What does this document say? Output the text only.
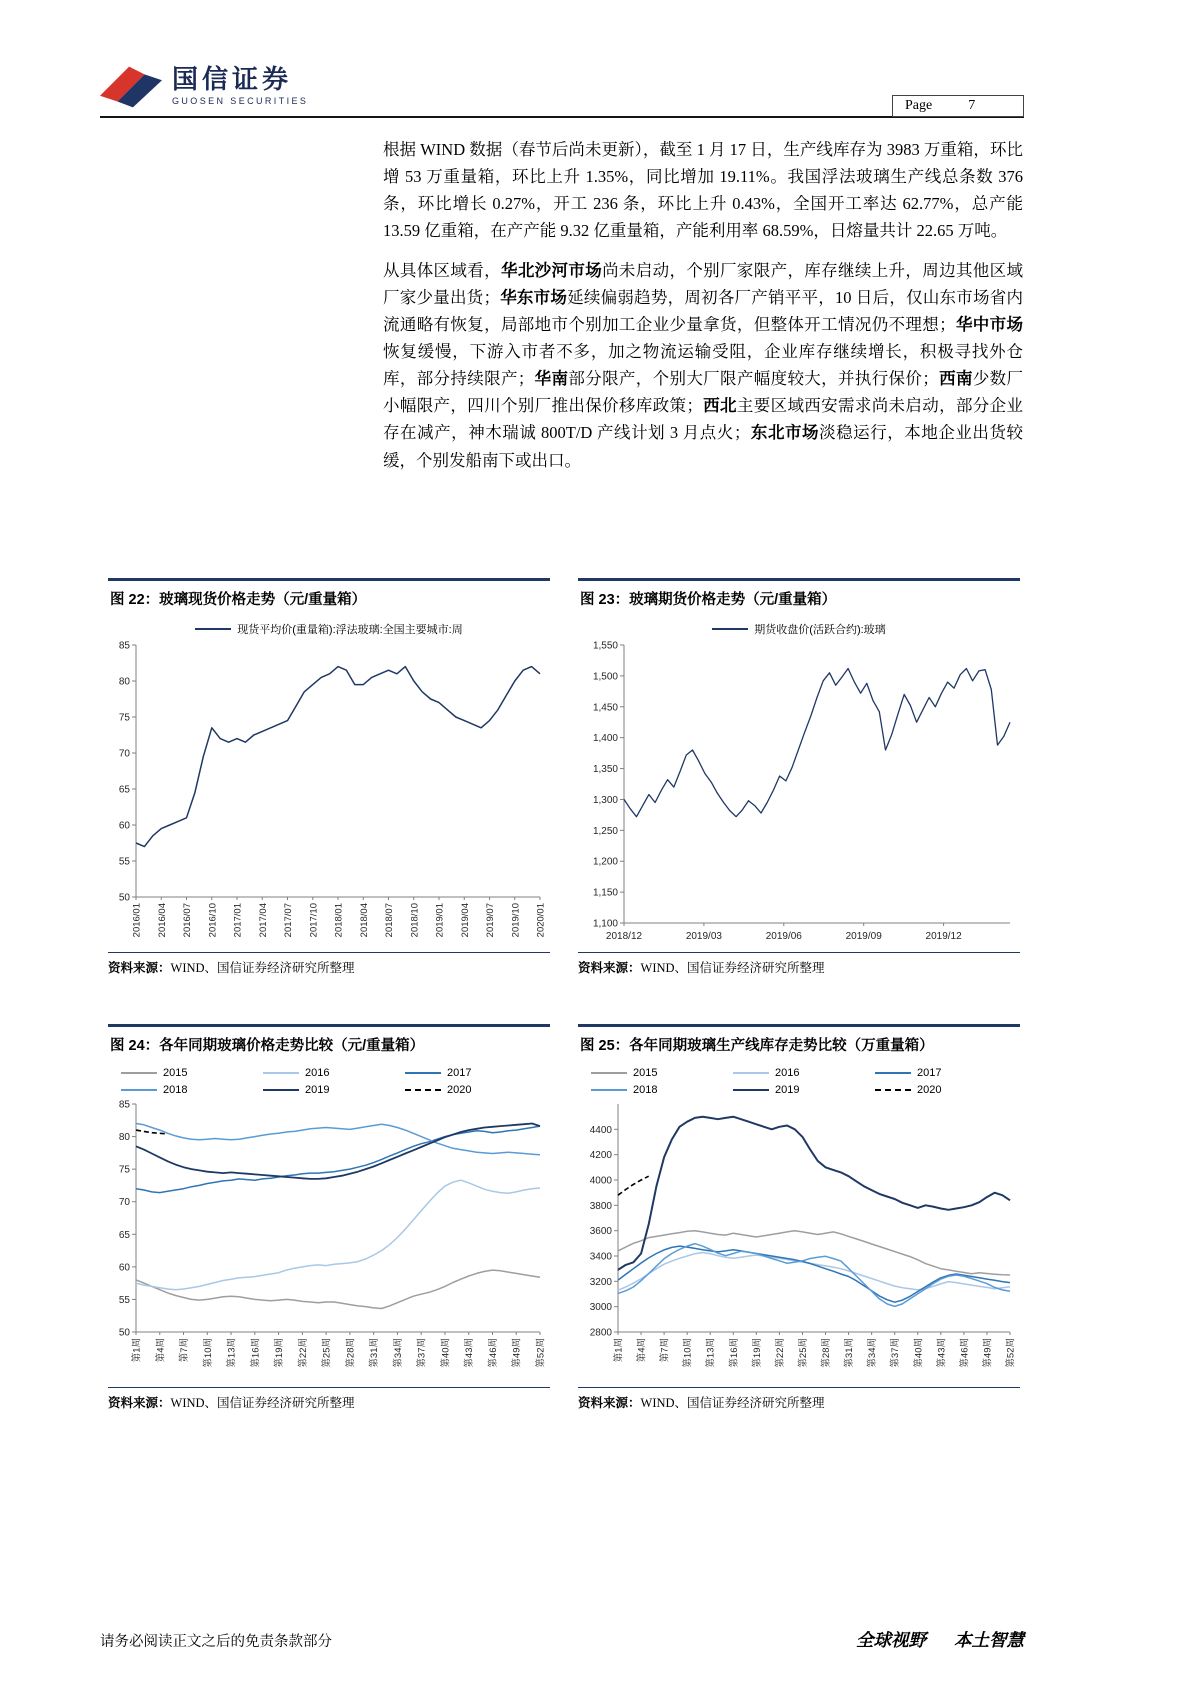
国信证券
GUOSEN SECURITIES	Page	7

根据 WIND 数据（春节后尚未更新），截至 1 月 17 日，生产线库存为 3983 万重箱，环比增 53 万重量箱，环比上升 1.35%，同比增加 19.11%。我国浮法玻璃生产线总条数 376 条，环比增长 0.27%，开工 236 条，环比上升 0.43%，全国开工率达 62.77%，总产能 13.59 亿重箱，在产产能 9.32 亿重量箱，产能利用率 68.59%，日熔量共计 22.65 万吨。

从具体区域看，华北沙河市场尚未启动，个别厂家限产，库存继续上升，周边其他区域厂家少量出货；华东市场延续偏弱趋势，周初各厂产销平平，10 日后，仅山东市场省内流通略有恢复，局部地市个别加工企业少量拿货，但整体开工情况仍不理想；华中市场恢复缓慢，下游入市者不多，加之物流运输受阻，企业库存继续增长，积极寻找外仓库，部分持续限产；华南部分限产，个别大厂限产幅度较大，并执行保价；西南少数厂小幅限产，四川个别厂推出保价移库政策；西北主要区域西安需求尚未启动，部分企业存在减产，神木瑞诚 800T/D 产线计划 3 月点火；东北市场淡稳运行，本地企业出货较缓，个别发船南下或出口。

图 22：玻璃现货价格走势（元/重量箱）
现货平均价(重量箱):浮法玻璃:全国主要城市:周
50
55
60
65
70
75
80
85
2016/01 2016/04 2016/07 2016/10 2017/01 2017/04 2017/07 2017/10 2018/01 2018/04 2018/07 2018/10 2019/01 2019/04 2019/07 2019/10 2020/01
资料来源：WIND、国信证券经济研究所整理
图 23：玻璃期货价格走势（元/重量箱）
期货收盘价(活跃合约):玻璃
1,100
1,150
1,200
1,250
1,300
1,350
1,400
1,450
1,500
1,550
2018/12	2019/03	2019/06	2019/09	2019/12
资料来源：WIND、国信证券经济研究所整理
图 24：各年同期玻璃价格走势比较（元/重量箱）
2015	2016	2017
2018	2019	2020
50
55
60
65
70
75
80
85
第1周 第4周 第7周 第10周 第13周 第16周 第19周 第22周 第25周 第28周 第31周 第34周 第37周 第40周 第43周 第46周 第49周 第52周
资料来源：WIND、国信证券经济研究所整理
图 25：各年同期玻璃生产线库存走势比较（万重量箱）
2015	2016	2017
2018	2019	2020
2800
3000
3200
3400
3600
3800
4000
4200
4400
第1周 第4周 第7周 第10周 第13周 第16周 第19周 第22周 第25周 第28周 第31周 第34周 第37周 第40周 第43周 第46周 第49周 第52周
资料来源：WIND、国信证券经济研究所整理
请务必阅读正文之后的免责条款部分	全球视野 本土智慧
